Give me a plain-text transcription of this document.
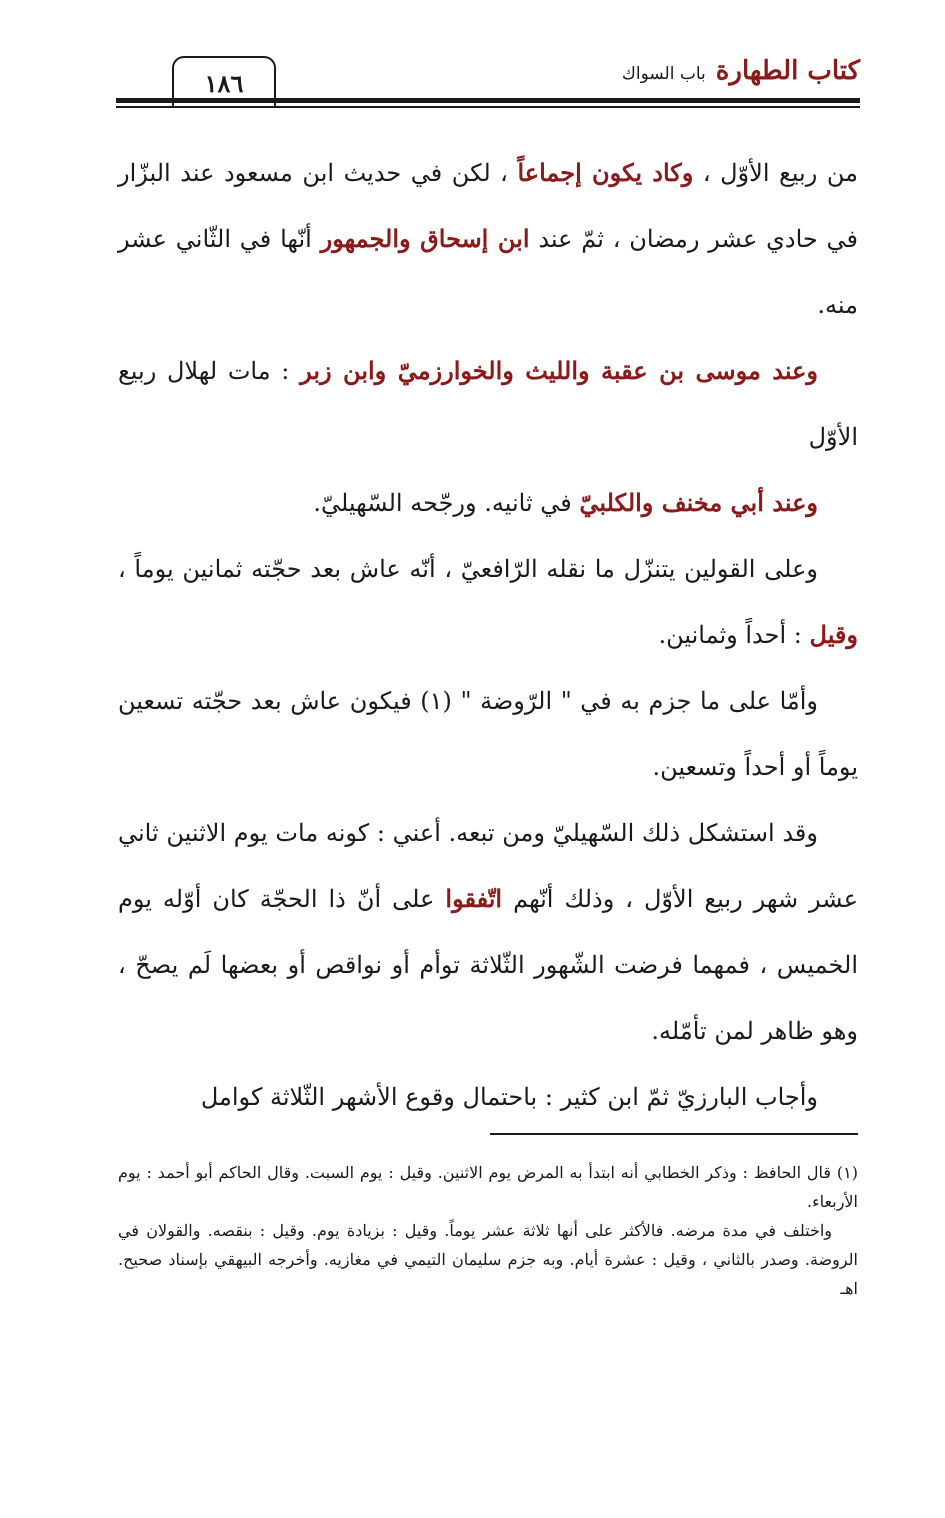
١٨٦	كتاب الطهارةباب السواك

من ربيع الأوّل ، وكاد يكون إجماعاً ، لكن في حديث ابن مسعود عند البزّار في حادي عشر رمضان ، ثمّ عند ابن إسحاق والجمهور أنّها في الثّاني عشر منه.

وعند موسى بن عقبة والليث والخوارزميّ وابن زبر : مات لهلال ربيع الأوّل

وعند أبي مخنف والكلبيّ في ثانيه. ورجّحه السّهيليّ.

وعلى القولين يتنزّل ما نقله الرّافعيّ ، أنّه عاش بعد حجّته ثمانين يوماً ، وقيل : أحداً وثمانين.

وأمّا على ما جزم به في " الرّوضة " (١) فيكون عاش بعد حجّته تسعين يوماً أو أحداً وتسعين.

وقد استشكل ذلك السّهيليّ ومن تبعه. أعني : كونه مات يوم الاثنين ثاني عشر شهر ربيع الأوّل ، وذلك أنّهم اتّفقوا على أنّ ذا الحجّة كان أوّله يوم الخميس ، فمهما فرضت الشّهور الثّلاثة توأم أو نواقص أو بعضها لَم يصحّ ، وهو ظاهر لمن تأمّله.

وأجاب البارزيّ ثمّ ابن كثير : باحتمال وقوع الأشهر الثّلاثة كوامل

(١) قال الحافظ : وذكر الخطابي أنه ابتدأ به المرض يوم الاثنين. وقيل : يوم السبت. وقال الحاكم أبو أحمد : يوم الأربعاء.

واختلف في مدة مرضه. فالأكثر على أنها ثلاثة عشر يوماً. وقيل : بزيادة يوم. وقيل : بنقصه. والقولان في الروضة. وصدر بالثاني ، وقيل : عشرة أيام. وبه جزم سليمان التيمي في مغازيه. وأخرجه البيهقي بإسناد صحيح. اهـ
